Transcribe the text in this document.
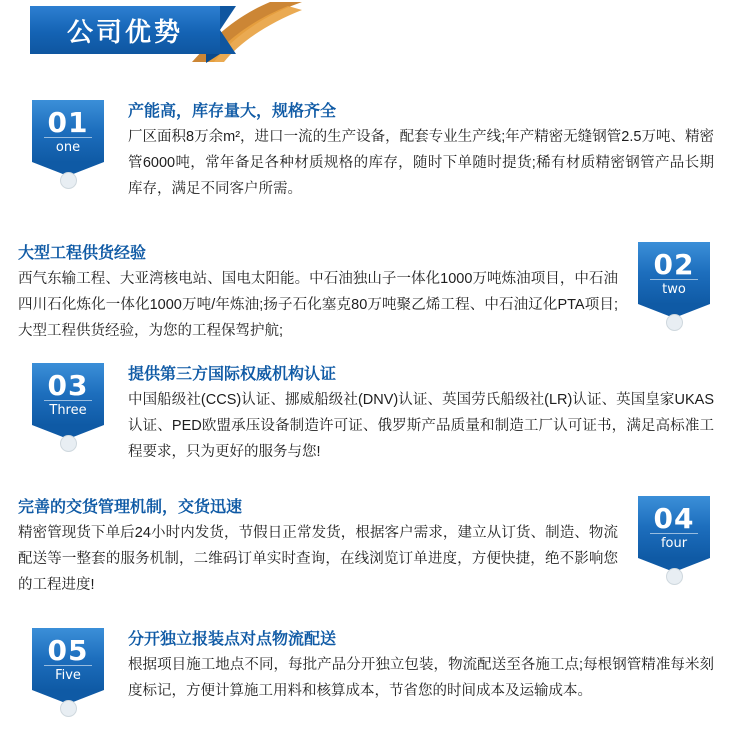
公司优势
01
one
产能高，库存量大，规格齐全
厂区面积8万余m²，进口一流的生产设备，配套专业生产线;年产精密无缝钢管2.5万吨、精密管6000吨，常年备足各种材质规格的库存，随时下单随时提货;稀有材质精密钢管产品长期库存，满足不同客户所需。
02
two
大型工程供货经验
西气东输工程、大亚湾核电站、国电太阳能。中石油独山子一体化1000万吨炼油项目，中石油四川石化炼化一体化1000万吨/年炼油;扬子石化塞克80万吨聚乙烯工程、中石油辽化PTA项目;大型工程供货经验，为您的工程保驾护航;
03
Three
提供第三方国际权威机构认证
中国船级社(CCS)认证、挪威船级社(DNV)认证、英国劳氏船级社(LR)认证、英国皇家UKAS认证、PED欧盟承压设备制造许可证、俄罗斯产品质量和制造工厂认可证书，满足高标准工程要求，只为更好的服务与您!
04
four
完善的交货管理机制，交货迅速
精密管现货下单后24小时内发货，节假日正常发货，根据客户需求，建立从订货、制造、物流配送等一整套的服务机制，二维码订单实时查询，在线浏览订单进度，方便快捷，绝不影响您的工程进度!
05
Five
分开独立报装点对点物流配送
根据项目施工地点不同，每批产品分开独立包装，物流配送至各施工点;每根钢管精准每米刻度标记，方便计算施工用料和核算成本，节省您的时间成本及运输成本。
